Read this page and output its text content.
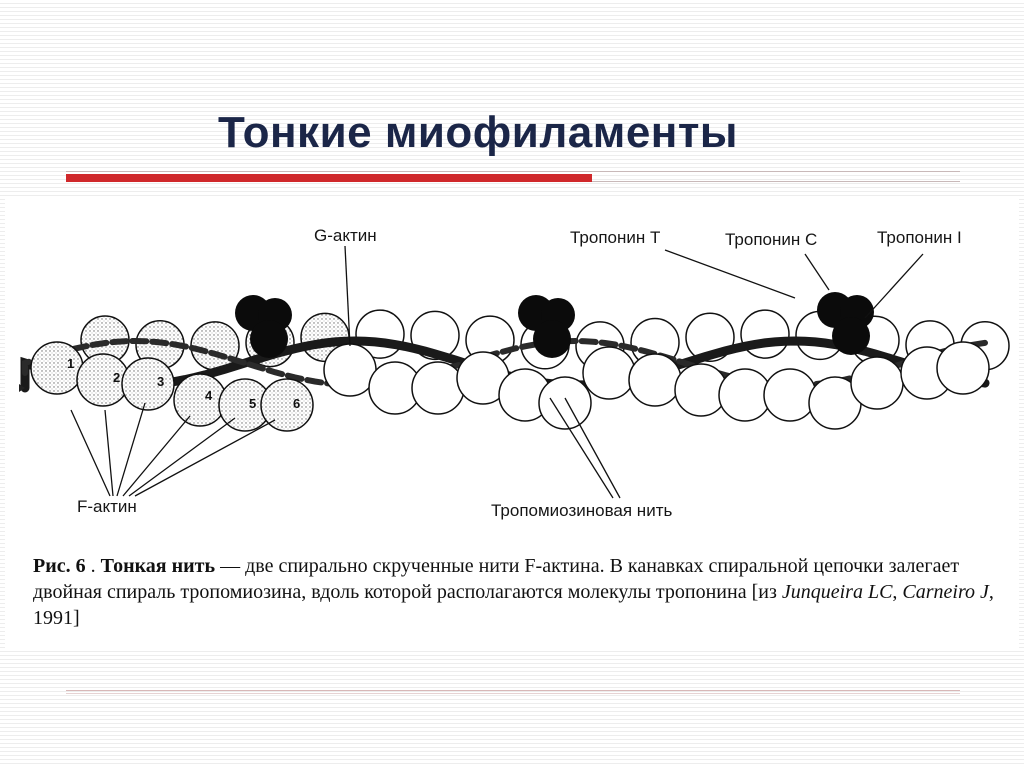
Тонкие миофиламенты
1
2	3
4
5	6
G-актин	Тропонин T	Тропонин C	Тропонин I
F-актин	Тропомиозиновая нить
Рис. 6 . Тонкая нить — две спирально скрученные нити F-актина. В канавках спиральной цепочки залегает двойная спираль тропомиозина, вдоль которой располагаются молекулы тропонина [из Junqueira LC, Carneiro J, 1991]
